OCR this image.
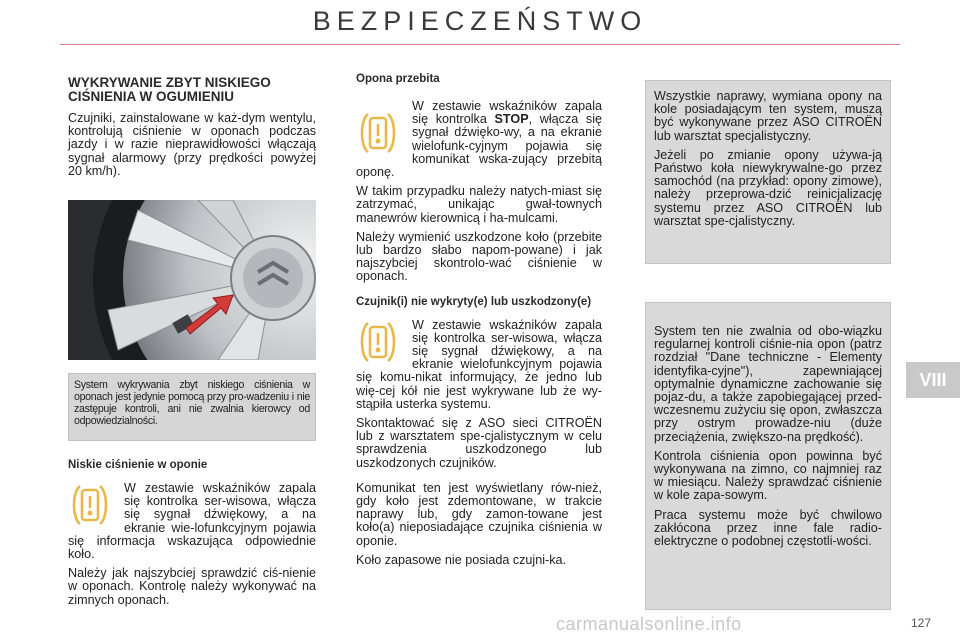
BEZPIECZEŃSTWO
WYKRYWANIE ZBYT NISKIEGO CIŚNIENIA W OGUMIENIU

Czujniki, zainstalowane w każ-dym wentylu, kontrolują ciśnienie w oponach podczas jazdy i w razie nieprawidłowości włączają sygnał alarmowy (przy prędkości powyżej 20 km/h).

System wykrywania zbyt niskiego ciśnienia w oponach jest jedynie pomocą przy pro-wadzeniu i nie zastępuje kontroli, ani nie zwalnia kierowcy od odpowiedzialności.
Niskie ciśnienie w oponie

W zestawie wskaźników zapala się kontrolka ser-wisowa, włącza się sygnał dźwiękowy, a na ekranie wie-lofunkcyjnym pojawia się informacja wskazująca odpowiednie koło.

Należy jak najszybciej sprawdzić ciś-nienie w oponach. Kontrolę należy wykonywać na zimnych oponach.

Opona przebita

W zestawie wskaźników zapala się kontrolka STOP, włącza się sygnał dźwięko-wy, a na ekranie wielofunk-cyjnym pojawia się komunikat wska-zujący przebitą oponę.

W takim przypadku należy natych-miast się zatrzymać, unikając gwał-townych manewrów kierownicą i ha-mulcami.

Należy wymienić uszkodzone koło (przebite lub bardzo słabo napom-powane) i jak najszybciej skontrolo-wać ciśnienie w oponach.

Czujnik(i) nie wykryty(e) lub uszkodzony(e)

W zestawie wskaźników zapala się kontrolka ser-wisowa, włącza się sygnał dźwiękowy, a na ekranie wielofunkcyjnym pojawia się komu-nikat informujący, że jedno lub wię-cej kół nie jest wykrywane lub że wy-stąpiła usterka systemu.

Skontaktować się z ASO sieci CITROËN lub z warsztatem spe-cjalistycznym w celu sprawdzenia uszkodzonego lub uszkodzonych czujników.

Komunikat ten jest wyświetlany rów-nież, gdy koło jest zdemontowane, w trakcie naprawy lub, gdy zamon-towane jest koło(a) nieposiadające czujnika ciśnienia w oponie.

Koło zapasowe nie posiada czujni-ka.

Wszystkie naprawy, wymiana opony na kole posiadającym ten system, muszą być wykonywane przez ASO CITROËN lub warsztat specjalistyczny.

Jeżeli po zmianie opony używa-ją Państwo koła niewykrywalne-go przez samochód (na przykład: opony zimowe), należy przeprowa-dzić reinicjalizację systemu przez ASO CITROËN lub warsztat spe-cjalistyczny.

System ten nie zwalnia od obo-wiązku regularnej kontroli ciśnie-nia opon (patrz rozdział "Dane techniczne - Elementy identyfika-cyjne"), zapewniającej optymalnie dynamiczne zachowanie się pojaz-du, a także zapobiegającej przed-wczesnemu zużyciu się opon, zwłaszcza przy ostrym prowadze-niu (duże przeciążenia, zwiększo-na prędkość).

Kontrola ciśnienia opon powinna być wykonywana na zimno, co najmniej raz w miesiącu. Należy sprawdzać ciśnienie w kole zapa-sowym.

Praca systemu może być chwilowo zakłócona przez inne fale radio-elektryczne o podobnej częstotli-wości.

VIII
carmanualsonline.info	127
